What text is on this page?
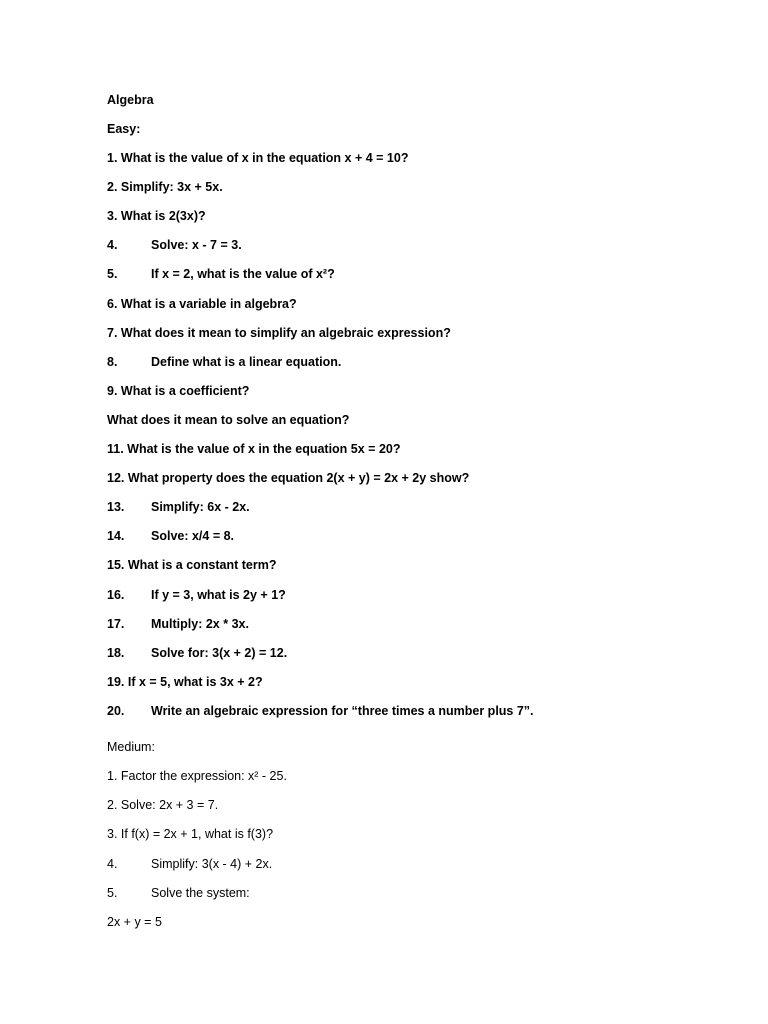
Algebra
Easy:
1. What is the value of x in the equation x + 4 = 10?
2. Simplify: 3x + 5x.
3. What is 2(3x)?
4.	Solve: x - 7 = 3.
5.	If x = 2, what is the value of x²?
6. What is a variable in algebra?
7. What does it mean to simplify an algebraic expression?
8.	Define what is a linear equation.
9. What is a coefficient?
What does it mean to solve an equation?
11. What is the value of x in the equation 5x = 20?
12. What property does the equation 2(x + y) = 2x + 2y show?
13. Simplify: 6x - 2x.
14. Solve: x/4 = 8.
15. What is a constant term?
16. If y = 3, what is 2y + 1?
17. Multiply: 2x * 3x.
18. Solve for: 3(x + 2) = 12.
19. If x = 5, what is 3x + 2?
20. Write an algebraic expression for “three times a number plus 7”.
Medium:
1. Factor the expression: x² - 25.
2. Solve: 2x + 3 = 7.
3. If f(x) = 2x + 1, what is f(3)?
4.	Simplify: 3(x - 4) + 2x.
5.	Solve the system:
2x + y = 5
